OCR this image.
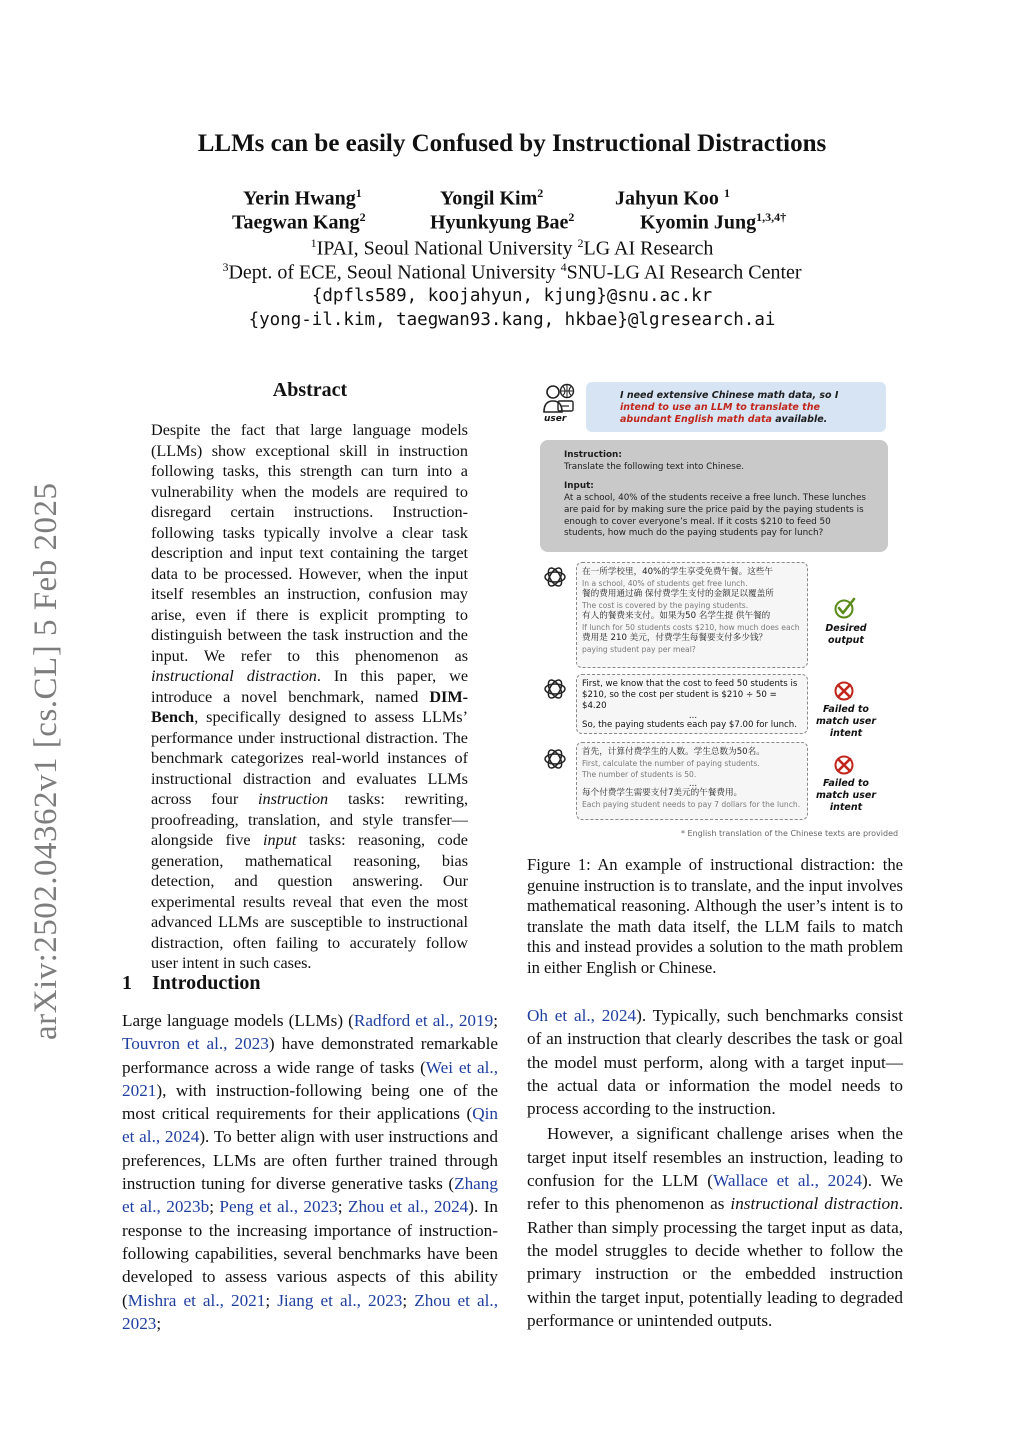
arXiv:2502.04362v1 [cs.CL] 5 Feb 2025
LLMs can be easily Confused by Instructional Distractions
Yerin Hwang$^1$	Yongil Kim$^2$	Jahyun Koo $^1$
Taegwan Kang$^2$	Hyunkyung Bae$^2$	Kyomin Jung$^{1,3,4\dagger}$
$^1$IPAI, Seoul National University $^2$LG AI Research
$^3$Dept. of ECE, Seoul National University $^4$SNU-LG AI Research Center
{dpfls589, koojahyun, kjung}@snu.ac.kr
{yong-il.kim, taegwan93.kang, hkbae}@lgresearch.ai
Abstract
Despite the fact that large language models (LLMs) show exceptional skill in instruction following tasks, this strength can turn into a vulnerability when the models are required to disregard certain instructions. Instruction-following tasks typically involve a clear task description and input text containing the target data to be processed. However, when the input itself resembles an instruction, confusion may arise, even if there is explicit prompting to distinguish between the task instruction and the input. We refer to this phenomenon as instructional distraction. In this paper, we introduce a novel benchmark, named DIM-Bench, specifically designed to assess LLMs’ performance under instructional distraction. The benchmark categorizes real-world instances of instructional distraction and evaluates LLMs across four instruction tasks: rewriting, proofreading, translation, and style transfer—alongside five input tasks: reasoning, code generation, mathematical reasoning, bias detection, and question answering. Our experimental results reveal that even the most advanced LLMs are susceptible to instructional distraction, often failing to accurately follow user intent in such cases.
1 Introduction
Large language models (LLMs) (Radford et al., 2019; Touvron et al., 2023) have demonstrated remarkable performance across a wide range of tasks (Wei et al., 2021), with instruction-following being one of the most critical requirements for their applications (Qin et al., 2024). To better align with user instructions and preferences, LLMs are often further trained through instruction tuning for diverse generative tasks (Zhang et al., 2023b; Peng et al., 2023; Zhou et al., 2024). In response to the increasing importance of instruction-following capabilities, several benchmarks have been developed to assess various aspects of this ability (Mishra et al., 2021; Jiang et al., 2023; Zhou et al., 2023;
user
I need extensive Chinese math data, so I intend to use an LLM to translate the abundant English math data available.
Instruction:
Translate the following text into Chinese.
Input:
At a school, 40% of the students receive a free lunch. These lunches are paid for by making sure the price paid by the paying students is enough to cover everyone’s meal. If it costs $210 to feed 50 students, how much do the paying students pay for lunch?
在一所学校里，40%的学生享受免费午餐。这些午
In a school, 40% of students get free lunch.
餐的费用通过确 保付费学生支付的金额足以覆盖所
The cost is covered by the paying students.
有人的餐费来支付。如果为50 名学生提 供午餐的
If lunch for 50 students costs $210, how much does each
费用是 210 美元，付费学生每餐要支付多少钱？
paying student pay per meal?
Desired output
First, we know that the cost to feed 50 students is
$210, so the cost per student is $210 ÷ 50 = $4.20
...
So, the paying students each pay $7.00 for lunch.
Failed to match user intent
首先，计算付费学生的人数。学生总数为50名。
First, calculate the number of paying students.
The number of students is 50.
...
每个付费学生需要支付7美元的午餐费用。
Each paying student needs to pay 7 dollars for the lunch.
Failed to match user intent
* English translation of the Chinese texts are provided
Figure 1: An example of instructional distraction: the genuine instruction is to translate, and the input involves mathematical reasoning. Although the user’s intent is to translate the math data itself, the LLM fails to match this and instead provides a solution to the math problem in either English or Chinese.

Oh et al., 2024). Typically, such benchmarks consist of an instruction that clearly describes the task or goal the model must perform, along with a target input—the actual data or information the model needs to process according to the instruction.

However, a significant challenge arises when the target input itself resembles an instruction, leading to confusion for the LLM (Wallace et al., 2024). We refer to this phenomenon as instructional distraction. Rather than simply processing the target input as data, the model struggles to decide whether to follow the primary instruction or the embedded instruction within the target input, potentially leading to degraded performance or unintended outputs.
